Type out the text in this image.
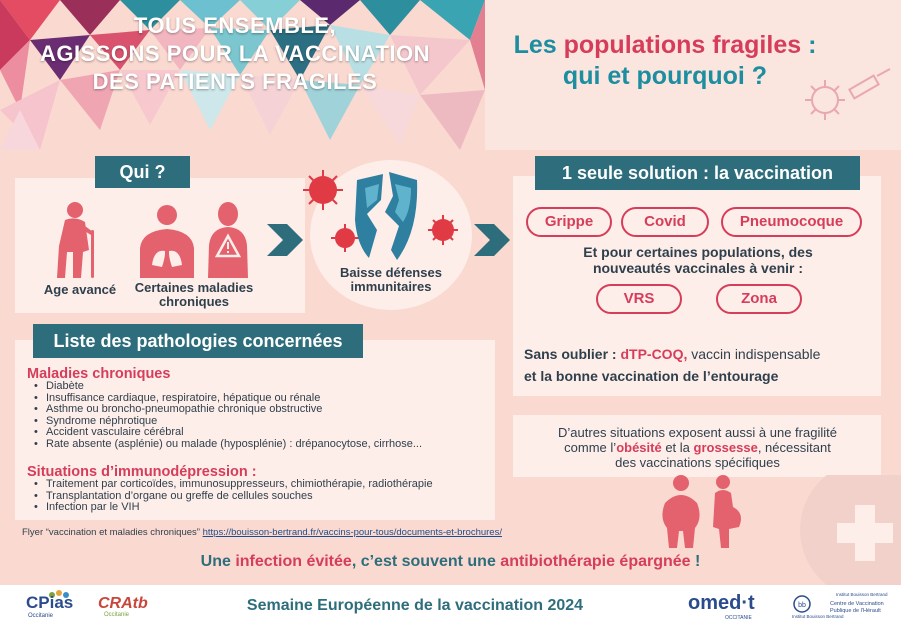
TOUS ENSEMBLE,
AGISSONS POUR LA VACCINATION
DES PATIENTS FRAGILES
Les populations fragiles :
qui et pourquoi ?
Qui ?
Age avancé	Certaines maladies chroniques
Baisse défenses immunitaires
1 seule solution : la vaccination
Grippe	Covid	Pneumocoque
Et pour certaines populations, des nouveautés vaccinales à venir :
VRS	Zona
Sans oublier : dTP-COQ, vaccin indispensable
et la bonne vaccination de l’entourage
D’autres situations exposent aussi à une fragilité
comme l’obésité et la grossesse, nécessitant
des vaccinations spécifiques
Liste des pathologies concernées
Maladies chroniques
• Diabète
• Insuffisance cardiaque, respiratoire, hépatique ou rénale
• Asthme ou broncho-pneumopathie chronique obstructive
• Syndrome néphrotique
• Accident vasculaire cérébral
• Rate absente (asplénie) ou malade (hyposplénie) : drépanocytose, cirrhose...
Situations d’immunodépression :
• Traitement par corticoïdes, immunosuppresseurs, chimiothérapie, radiothérapie
• Transplantation d’organe ou greffe de cellules souches
• Infection par le VIH
Flyer “vaccination et maladies chroniques” https://bouisson-bertrand.fr/vaccins-pour-tous/documents-et-brochures/
Une infection évitée, c’est souvent une antibiothérapie épargnée !
Semaine Européenne de la vaccination 2024
CPias
Occitanie
CRAtb
Occitanie
omed·t
OCCITANIE
bb
Institut Bouisson Bertrand
Institut Bouisson Bertrand
Centre de Vaccination Publique de l’Hérault
